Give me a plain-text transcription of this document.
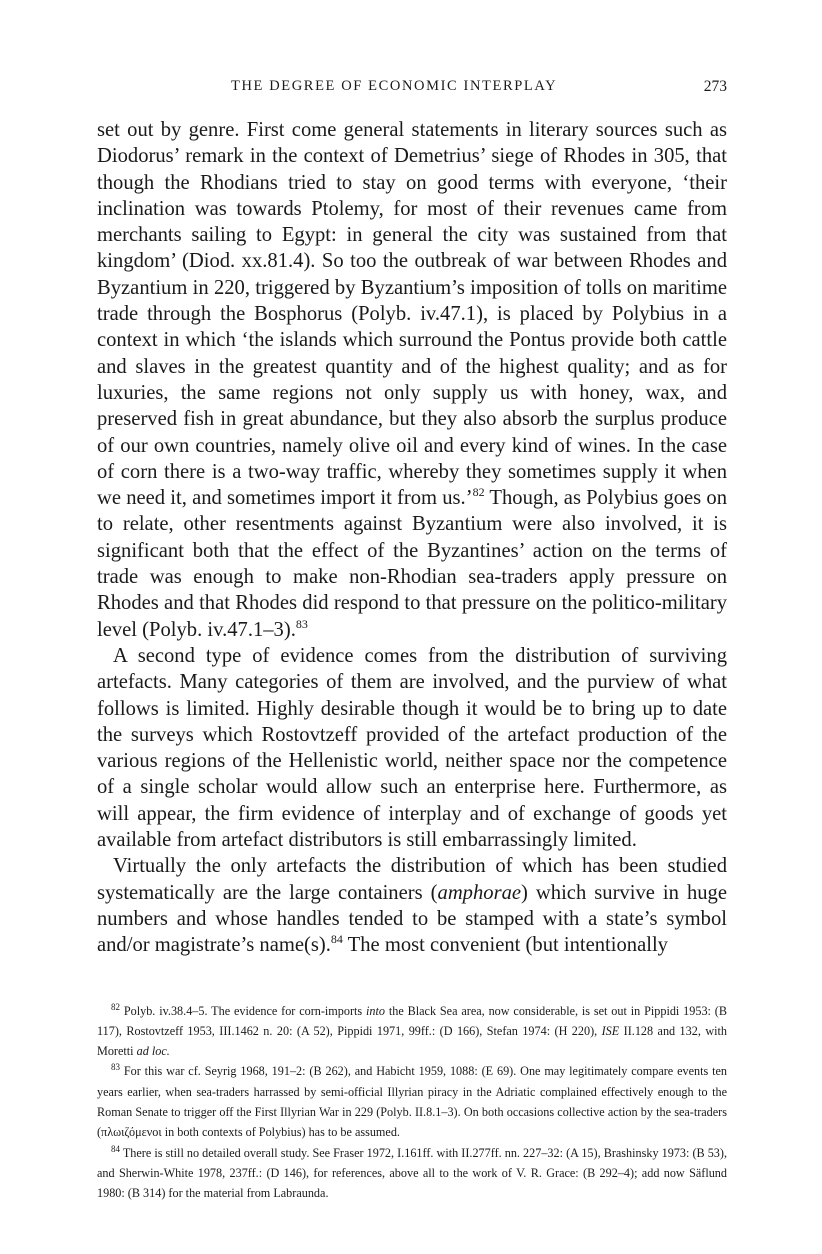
THE DEGREE OF ECONOMIC INTERPLAY	273

set out by genre. First come general statements in literary sources such as Diodorus’ remark in the context of Demetrius’ siege of Rhodes in 305, that though the Rhodians tried to stay on good terms with everyone, ‘their inclination was towards Ptolemy, for most of their revenues came from merchants sailing to Egypt: in general the city was sustained from that kingdom’ (Diod. xx.81.4). So too the outbreak of war between Rhodes and Byzantium in 220, triggered by Byzantium’s imposition of tolls on maritime trade through the Bosphorus (Polyb. iv.47.1), is placed by Polybius in a context in which ‘the islands which surround the Pontus provide both cattle and slaves in the greatest quantity and of the highest quality; and as for luxuries, the same regions not only supply us with honey, wax, and preserved fish in great abundance, but they also absorb the surplus produce of our own countries, namely olive oil and every kind of wines. In the case of corn there is a two-way traffic, whereby they sometimes supply it when we need it, and sometimes import it from us.’$^{82}$ Though, as Polybius goes on to relate, other resentments against Byzantium were also involved, it is significant both that the effect of the Byzantines’ action on the terms of trade was enough to make non-Rhodian sea-traders apply pressure on Rhodes and that Rhodes did respond to that pressure on the politico-military level (Polyb. iv.47.1–3).$^{83}$

A second type of evidence comes from the distribution of surviving artefacts. Many categories of them are involved, and the purview of what follows is limited. Highly desirable though it would be to bring up to date the surveys which Rostovtzeff provided of the artefact production of the various regions of the Hellenistic world, neither space nor the competence of a single scholar would allow such an enterprise here. Furthermore, as will appear, the firm evidence of interplay and of exchange of goods yet available from artefact distributors is still embarrassingly limited.

Virtually the only artefacts the distribution of which has been studied systematically are the large containers (amphorae) which survive in huge numbers and whose handles tended to be stamped with a state’s symbol and/or magistrate’s name(s).$^{84}$ The most convenient (but intentionally

$^{82}$ Polyb. iv.38.4–5. The evidence for corn-imports into the Black Sea area, now considerable, is set out in Pippidi 1953: (B 117), Rostovtzeff 1953, III.1462 n. 20: (A 52), Pippidi 1971, 99ff.: (D 166), Stefan 1974: (H 220), ISE II.128 and 132, with Moretti ad loc.

$^{83}$ For this war cf. Seyrig 1968, 191–2: (B 262), and Habicht 1959, 1088: (E 69). One may legitimately compare events ten years earlier, when sea-traders harrassed by semi-official Illyrian piracy in the Adriatic complained effectively enough to the Roman Senate to trigger off the First Illyrian War in 229 (Polyb. II.8.1–3). On both occasions collective action by the sea-traders (πλωιζόμενοι in both contexts of Polybius) has to be assumed.

$^{84}$ There is still no detailed overall study. See Fraser 1972, I.161ff. with II.277ff. nn. 227–32: (A 15), Brashinsky 1973: (B 53), and Sherwin-White 1978, 237ff.: (D 146), for references, above all to the work of V. R. Grace: (B 292–4); add now Säflund 1980: (B 314) for the material from Labraunda.
